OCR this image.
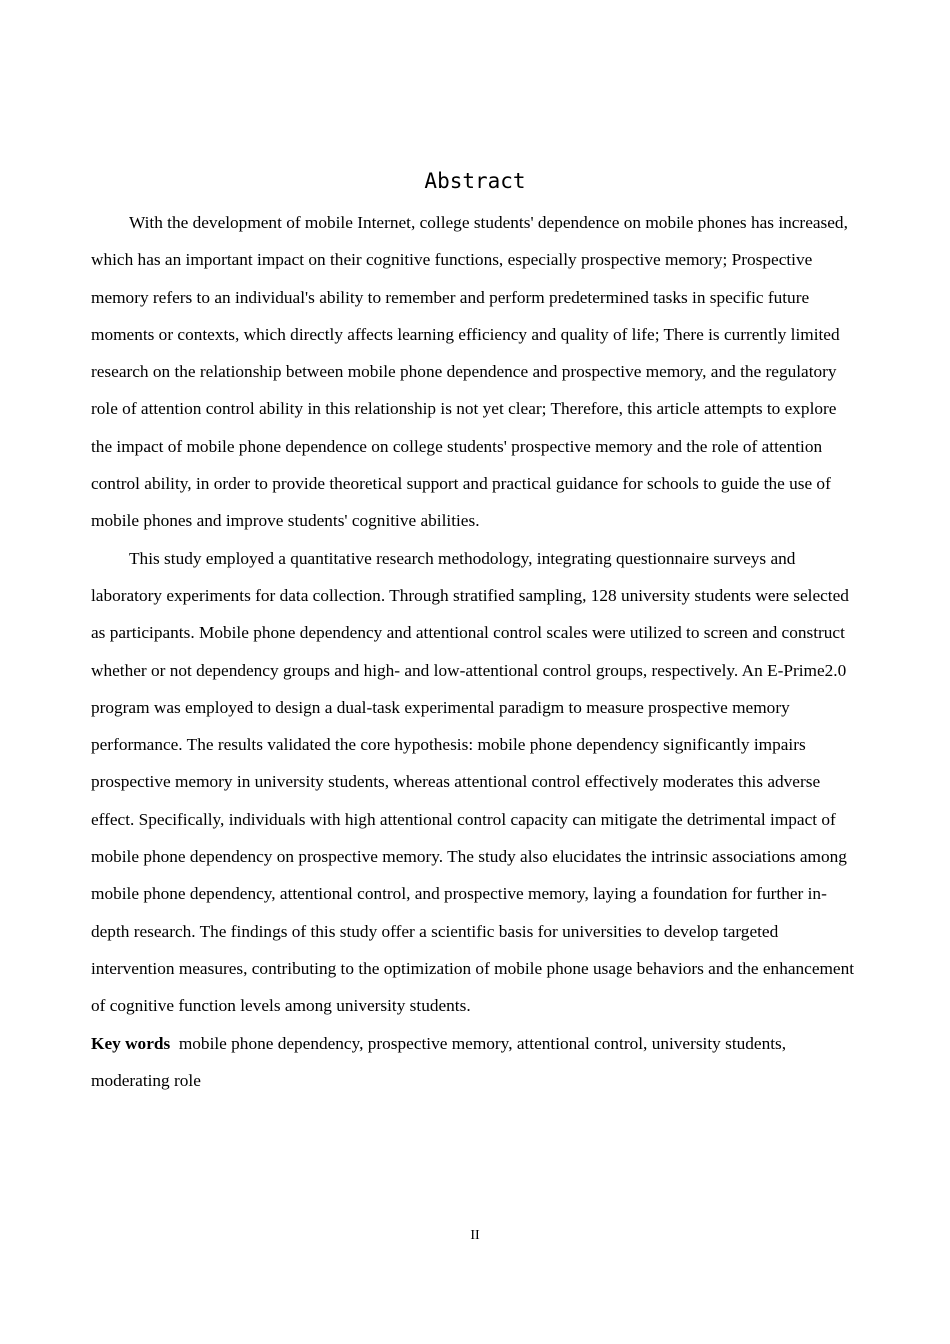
Abstract

With the development of mobile Internet, college students' dependence on mobile phones has increased, which has an important impact on their cognitive functions, especially prospective memory; Prospective memory refers to an individual's ability to remember and perform predetermined tasks in specific future moments or contexts, which directly affects learning efficiency and quality of life; There is currently limited research on the relationship between mobile phone dependence and prospective memory, and the regulatory role of attention control ability in this relationship is not yet clear; Therefore, this article attempts to explore the impact of mobile phone dependence on college students' prospective memory and the role of attention control ability, in order to provide theoretical support and practical guidance for schools to guide the use of mobile phones and improve students' cognitive abilities.

This study employed a quantitative research methodology, integrating questionnaire surveys and laboratory experiments for data collection. Through stratified sampling, 128 university students were selected as participants. Mobile phone dependency and attentional control scales were utilized to screen and construct whether or not dependency groups and high- and low-attentional control groups, respectively. An E-Prime2.0 program was employed to design a dual-task experimental paradigm to measure prospective memory performance. The results validated the core hypothesis: mobile phone dependency significantly impairs prospective memory in university students, whereas attentional control effectively moderates this adverse effect. Specifically, individuals with high attentional control capacity can mitigate the detrimental impact of mobile phone dependency on prospective memory. The study also elucidates the intrinsic associations among mobile phone dependency, attentional control, and prospective memory, laying a foundation for further in-depth research. The findings of this study offer a scientific basis for universities to develop targeted intervention measures, contributing to the optimization of mobile phone usage behaviors and the enhancement of cognitive function levels among university students.

Key words mobile phone dependency, prospective memory, attentional control, university students, moderating role

II
